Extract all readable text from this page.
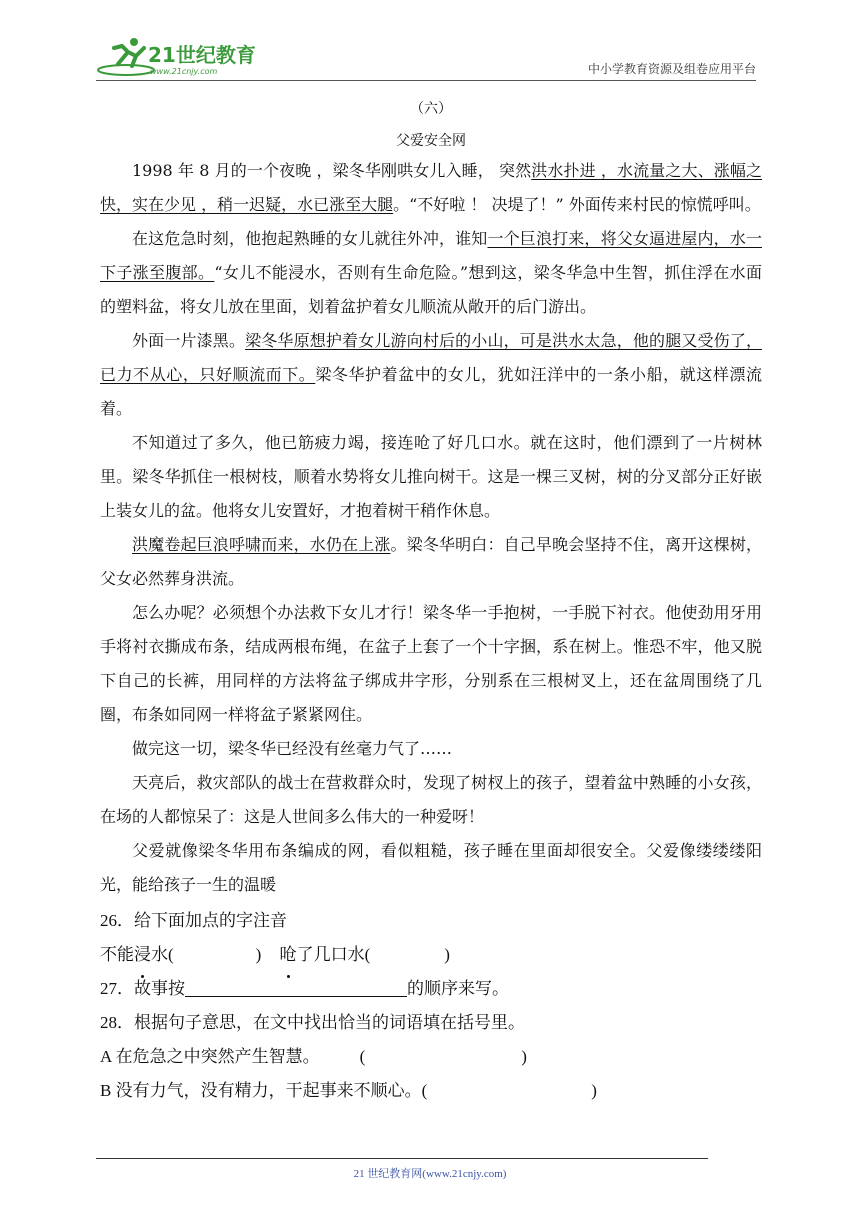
21世纪教育
www.21cnjy.com	中小学教育资源及组卷应用平台
（六）
父爱安全网

1998 年 8 月的一个夜晚 ，梁冬华刚哄女儿入睡， 突然洪水扑进 ，水流量之大、涨幅之快，实在少见 ，稍一迟疑，水已涨至大腿。“不好啦 ！ 决堤了！” 外面传来村民的惊慌呼叫。

在这危急时刻，他抱起熟睡的女儿就往外冲，谁知一个巨浪打来，将父女逼进屋内，水一下子涨至腹部。“女儿不能浸水，否则有生命危险。”想到这，梁冬华急中生智，抓住浮在水面的塑料盆，将女儿放在里面，划着盆护着女儿顺流从敞开的后门游出。

外面一片漆黑。梁冬华原想护着女儿游向村后的小山，可是洪水太急，他的腿又受伤了，已力不从心，只好顺流而下。梁冬华护着盆中的女儿，犹如汪洋中的一条小船，就这样漂流着。

不知道过了多久，他已筋疲力竭，接连呛了好几口水。就在这时，他们漂到了一片树林里。梁冬华抓住一根树枝，顺着水势将女儿推向树干。这是一棵三叉树，树的分叉部分正好嵌上装女儿的盆。他将女儿安置好，才抱着树干稍作休息。

洪魔卷起巨浪呼啸而来，水仍在上涨。梁冬华明白：自己早晚会坚持不住，离开这棵树，父女必然葬身洪流。

怎么办呢？必须想个办法救下女儿才行！梁冬华一手抱树，一手脱下衬衣。他使劲用牙用手将衬衣撕成布条，结成两根布绳，在盆子上套了一个十字捆，系在树上。惟恐不牢，他又脱下自己的长裤，用同样的方法将盆子绑成井字形，分别系在三根树叉上，还在盆周围绕了几圈，布条如同网一样将盆子紧紧网住。

做完这一切，梁冬华已经没有丝毫力气了……

天亮后，救灾部队的战士在营救群众时，发现了树杈上的孩子，望着盆中熟睡的小女孩，在场的人都惊呆了：这是人世间多么伟大的一种爱呀！

父爱就像梁冬华用布条编成的网，看似粗糙，孩子睡在里面却很安全。父爱像缕缕缕阳光，能给孩子一生的温暖

26．给下面加点的字注音
不能浸水(	) 呛了几口水(	)
27．故事按	的顺序来写。
28．根据句子意思，在文中找出恰当的词语填在括号里。
A 在危急之中突然产生智慧。 (	)
B 没有力气，没有精力，干起事来不顺心。(	)
21 世纪教育网(www.21cnjy.com)
